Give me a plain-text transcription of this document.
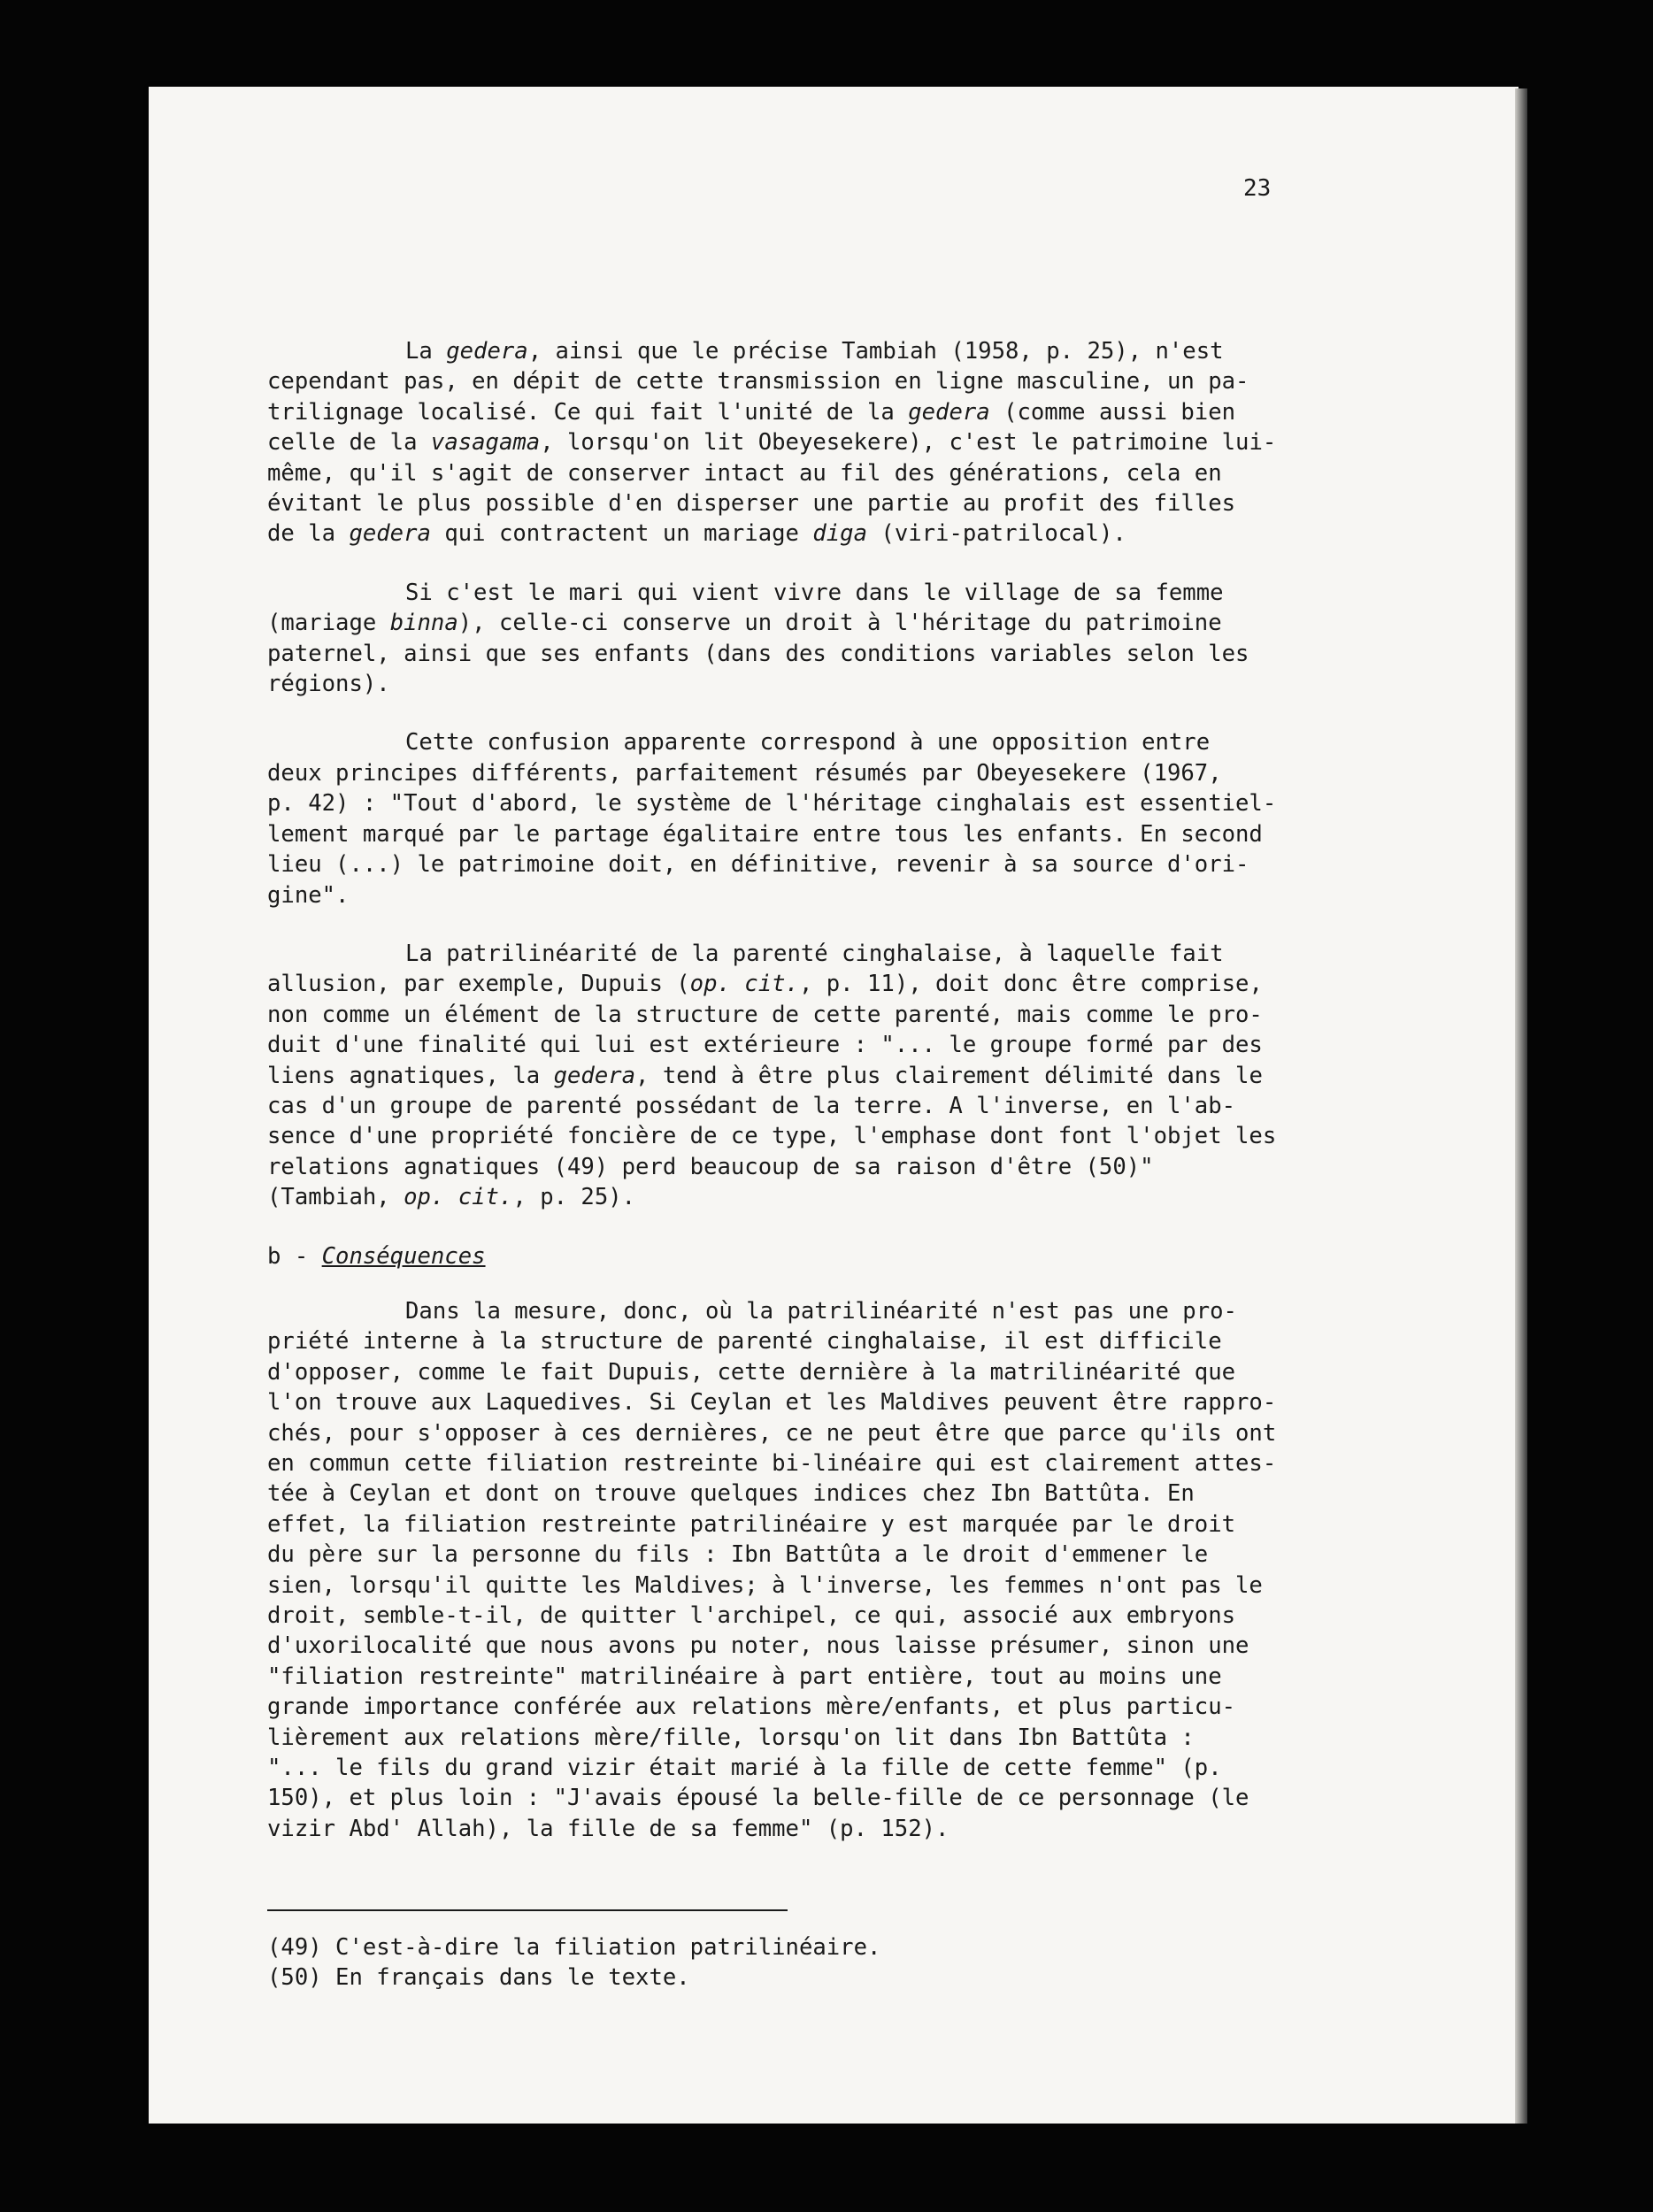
23
La gedera, ainsi que le précise Tambiah (1958, p. 25), n'est
cependant pas, en dépit de cette transmission en ligne masculine, un pa-
trilignage localisé. Ce qui fait l'unité de la gedera (comme aussi bien
celle de la vasagama, lorsqu'on lit Obeyesekere), c'est le patrimoine lui-
même, qu'il s'agit de conserver intact au fil des générations, cela en
évitant le plus possible d'en disperser une partie au profit des filles
de la gedera qui contractent un mariage diga (viri-patrilocal).
Si c'est le mari qui vient vivre dans le village de sa femme
(mariage binna), celle-ci conserve un droit à l'héritage du patrimoine
paternel, ainsi que ses enfants (dans des conditions variables selon les
régions).
Cette confusion apparente correspond à une opposition entre
deux principes différents, parfaitement résumés par Obeyesekere (1967,
p. 42) : "Tout d'abord, le système de l'héritage cinghalais est essentiel-
lement marqué par le partage égalitaire entre tous les enfants. En second
lieu (...) le patrimoine doit, en définitive, revenir à sa source d'ori-
gine".
La patrilinéarité de la parenté cinghalaise, à laquelle fait
allusion, par exemple, Dupuis (op. cit., p. 11), doit donc être comprise,
non comme un élément de la structure de cette parenté, mais comme le pro-
duit d'une finalité qui lui est extérieure : "... le groupe formé par des
liens agnatiques, la gedera, tend à être plus clairement délimité dans le
cas d'un groupe de parenté possédant de la terre. A l'inverse, en l'ab-
sence d'une propriété foncière de ce type, l'emphase dont font l'objet les
relations agnatiques (49) perd beaucoup de sa raison d'être (50)"
(Tambiah, op. cit., p. 25).
b - Conséquences
Dans la mesure, donc, où la patrilinéarité n'est pas une pro-
priété interne à la structure de parenté cinghalaise, il est difficile
d'opposer, comme le fait Dupuis, cette dernière à la matrilinéarité que
l'on trouve aux Laquedives. Si Ceylan et les Maldives peuvent être rappro-
chés, pour s'opposer à ces dernières, ce ne peut être que parce qu'ils ont
en commun cette filiation restreinte bi-linéaire qui est clairement attes-
tée à Ceylan et dont on trouve quelques indices chez Ibn Battûta. En
effet, la filiation restreinte patrilinéaire y est marquée par le droit
du père sur la personne du fils : Ibn Battûta a le droit d'emmener le
sien, lorsqu'il quitte les Maldives; à l'inverse, les femmes n'ont pas le
droit, semble-t-il, de quitter l'archipel, ce qui, associé aux embryons
d'uxorilocalité que nous avons pu noter, nous laisse présumer, sinon une
"filiation restreinte" matrilinéaire à part entière, tout au moins une
grande importance conférée aux relations mère/enfants, et plus particu-
lièrement aux relations mère/fille, lorsqu'on lit dans Ibn Battûta :
"... le fils du grand vizir était marié à la fille de cette femme" (p.
150), et plus loin : "J'avais épousé la belle-fille de ce personnage (le
vizir Abd' Allah), la fille de sa femme" (p. 152).
(49) C'est-à-dire la filiation patrilinéaire.
(50) En français dans le texte.
